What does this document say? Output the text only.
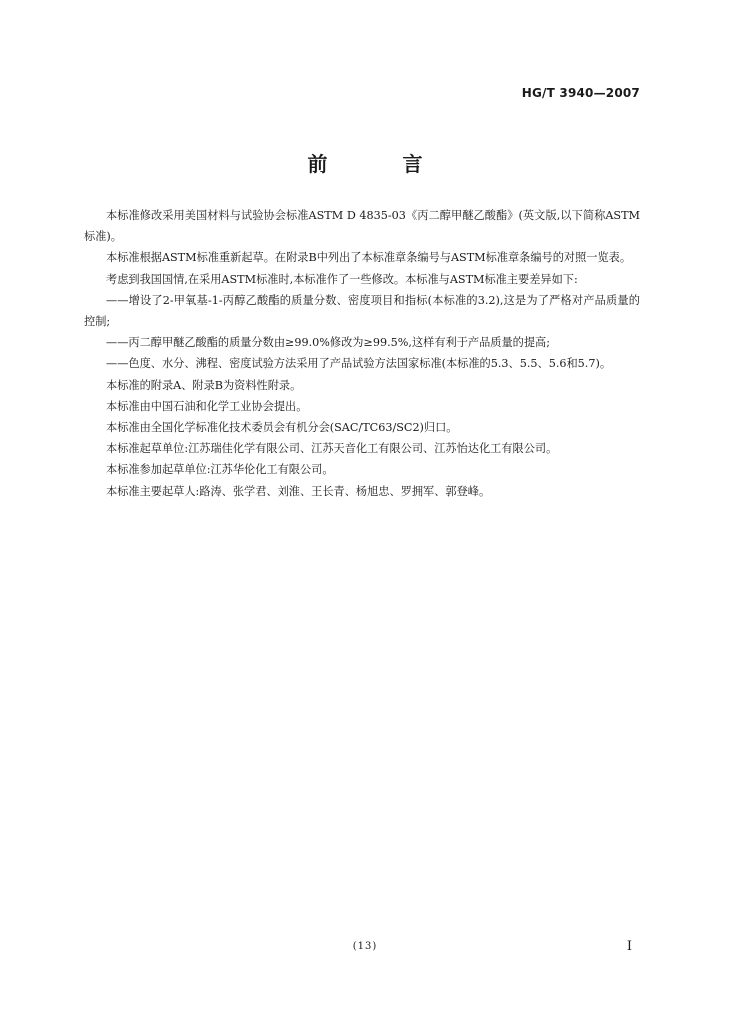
HG/T 3940—2007
前 言

本标准修改采用美国材料与试验协会标准ASTM D 4835-03《丙二醇甲醚乙酸酯》(英文版,以下简称ASTM标准)。

本标准根据ASTM标准重新起草。在附录B中列出了本标准章条编号与ASTM标准章条编号的对照一览表。

考虑到我国国情,在采用ASTM标准时,本标准作了一些修改。本标准与ASTM标准主要差异如下:

——增设了2-甲氧基-1-丙醇乙酸酯的质量分数、密度项目和指标(本标准的3.2),这是为了严格对产品质量的控制;

——丙二醇甲醚乙酸酯的质量分数由≥99.0%修改为≥99.5%,这样有利于产品质量的提高;

——色度、水分、沸程、密度试验方法采用了产品试验方法国家标准(本标准的5.3、5.5、5.6和5.7)。

本标准的附录A、附录B为资料性附录。

本标准由中国石油和化学工业协会提出。

本标准由全国化学标准化技术委员会有机分会(SAC/TC63/SC2)归口。

本标准起草单位:江苏瑞佳化学有限公司、江苏天音化工有限公司、江苏怡达化工有限公司。

本标准参加起草单位:江苏华伦化工有限公司。

本标准主要起草人:路涛、张学君、刘淮、王长青、杨旭忠、罗拥军、郭登峰。

(13)	I
